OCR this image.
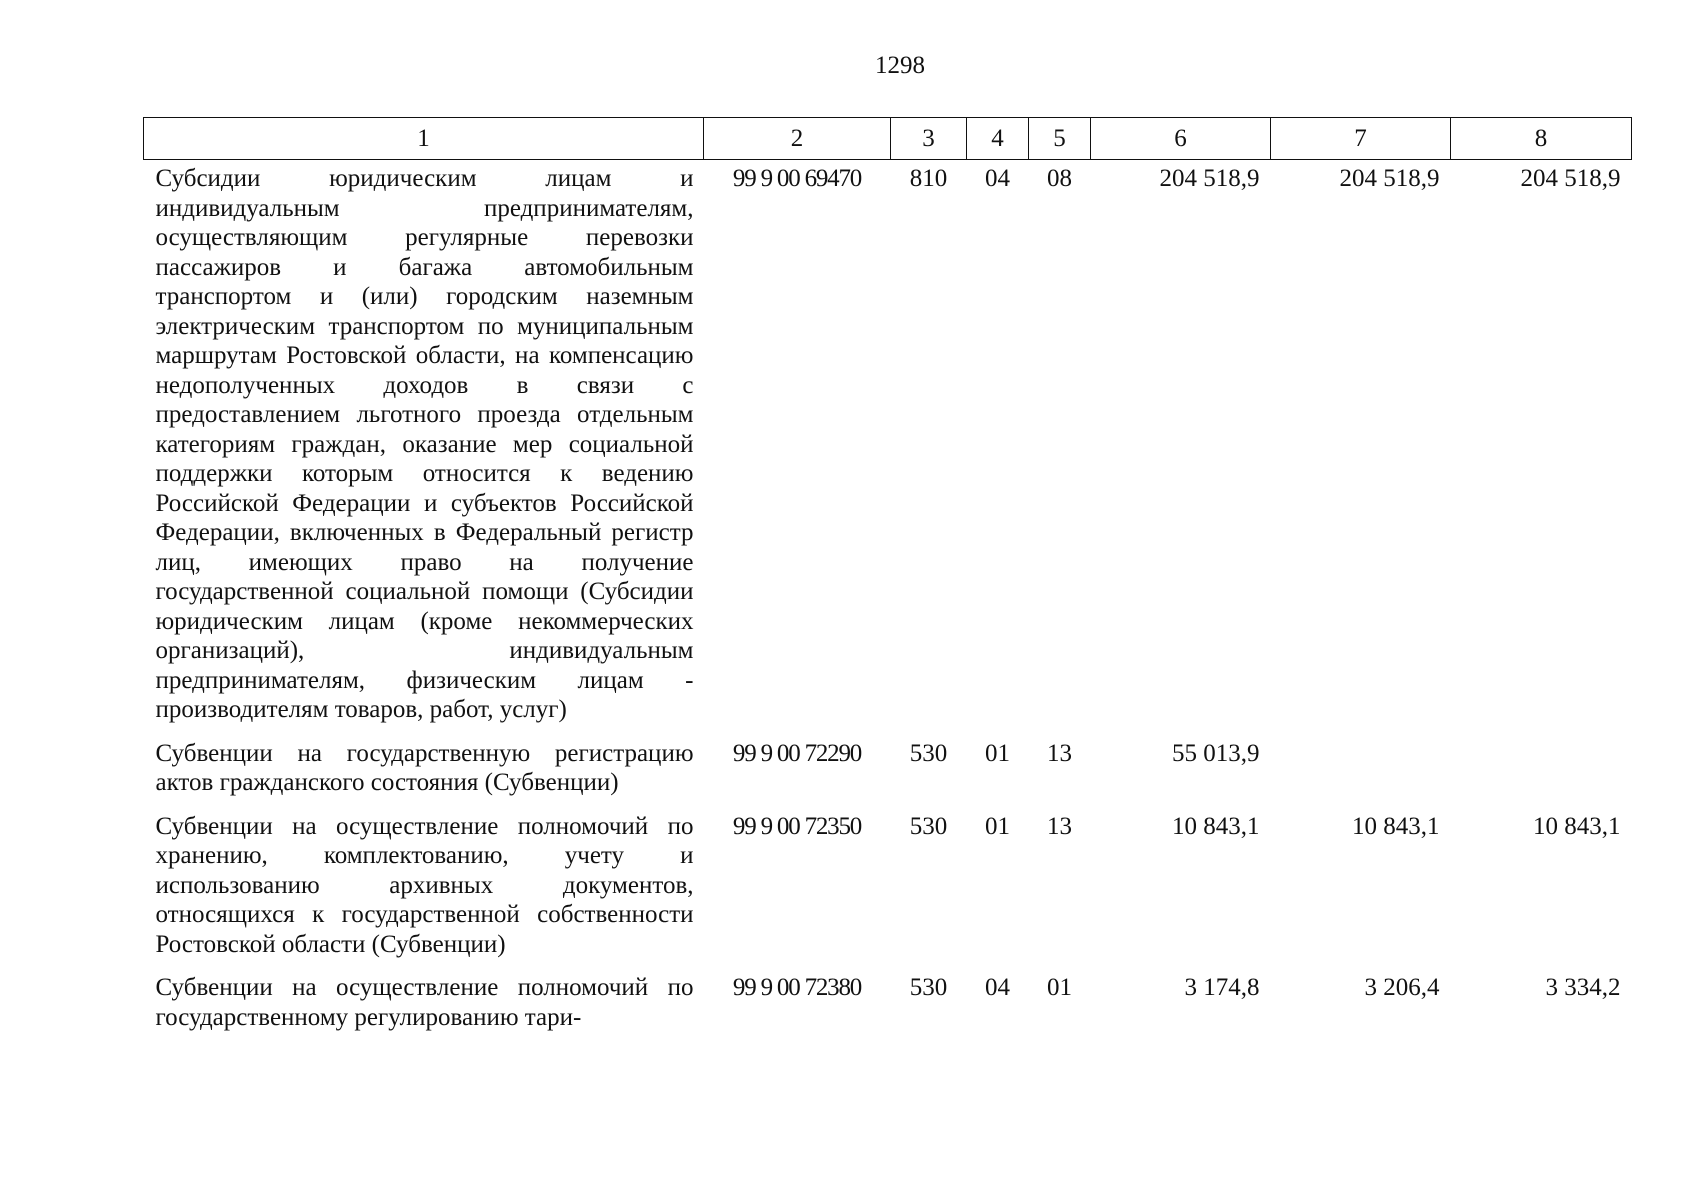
1298
1	2	3	4	5	6	7	8
Субсидии юридическим лицам и индивидуальным предпринимателям, осуществляющим регулярные перевозки пассажиров и багажа автомобильным транспортом и (или) городским наземным электрическим транспортом по муниципальным маршрутам Ростовской области, на компенсацию недополученных доходов в связи с предоставлением льготного проезда отдельным категориям граждан, оказание мер социальной поддержки которым относится к ведению Российской Федерации и субъектов Российской Федерации, включенных в Федеральный регистр лиц, имеющих право на получение государственной социальной помощи (Субсидии юридическим лицам (кроме некоммерческих организаций), индивидуальным предпринимателям, физическим лицам - производителям товаров, работ, услуг)	99 9 00 69470	810	04	08	204 518,9	204 518,9	204 518,9
Субвенции на государственную регистрацию актов гражданского состояния (Субвенции)	99 9 00 72290	530	01	13	55 013,9		
Субвенции на осуществление полномочий по хранению, комплектованию, учету и использованию архивных документов, относящихся к государственной собственности Ростовской области (Субвенции)	99 9 00 72350	530	01	13	10 843,1	10 843,1	10 843,1
Субвенции на осуществление полномочий по государственному регулированию тари-	99 9 00 72380	530	04	01	3 174,8	3 206,4	3 334,2
